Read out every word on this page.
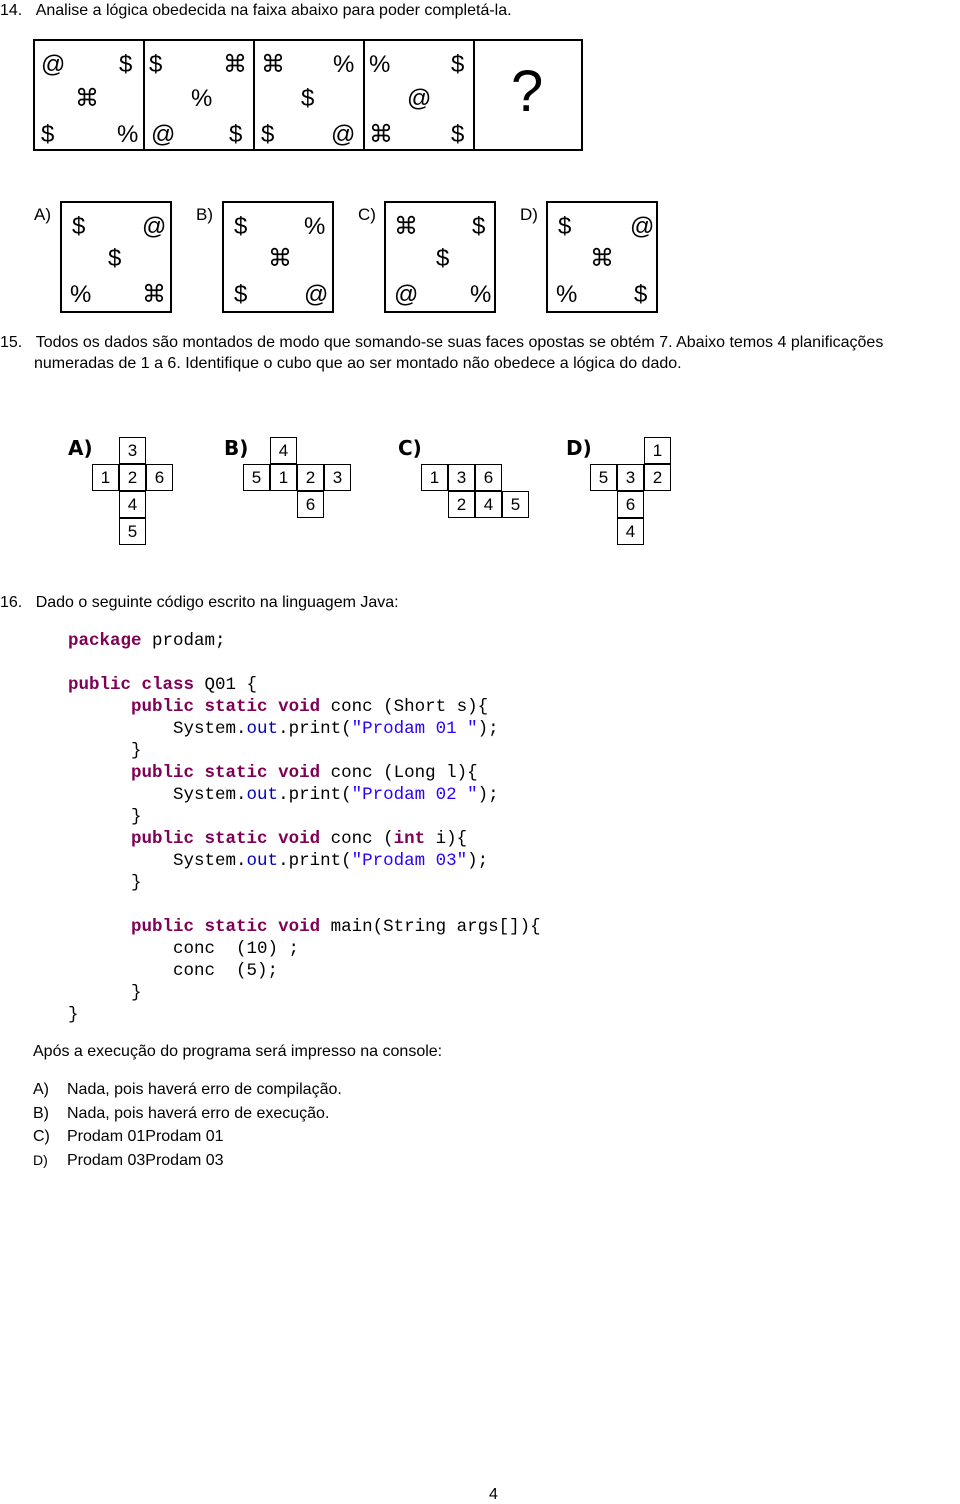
14. Analise a lógica obedecida na faixa abaixo para poder completá-la.
@ $
⌘
$	%
$	⌘
%
@ $
⌘ %
$
$ @
%	$
@
⌘ $
?
A) $ @
$
% ⌘
B) $ %
⌘
$ @
C) ⌘ $
$
@ %
D) $ @
⌘
% $
15. Todos os dados são montados de modo que somando-se suas faces opostas se obtém 7. Abaixo temos 4 planificações
numeradas de 1 a 6. Identifique o cubo que ao ser montado não obedece a lógica do dado.
A)	3
1	2	6
4
5
B)	4
5	1	2	3
6
C)
1	3	6
2	4	5
D)	1
5	3	2
6
4
16. Dado o seguinte código escrito na linguagem Java:
package prodam;

public class Q01 {
public static void conc (Short s){
System.out.print("Prodam 01 ");
}
public static void conc (Long l){
System.out.print("Prodam 02 ");
}
public static void conc (int i){
System.out.print("Prodam 03");
}

public static void main(String args[]){
conc  (10) ;
conc  (5);
}
}

Após a execução do programa será impresso na console:
A) Nada, pois haverá erro de compilação.
B) Nada, pois haverá erro de execução.
C) Prodam 01Prodam 01
D) Prodam 03Prodam 03
4
